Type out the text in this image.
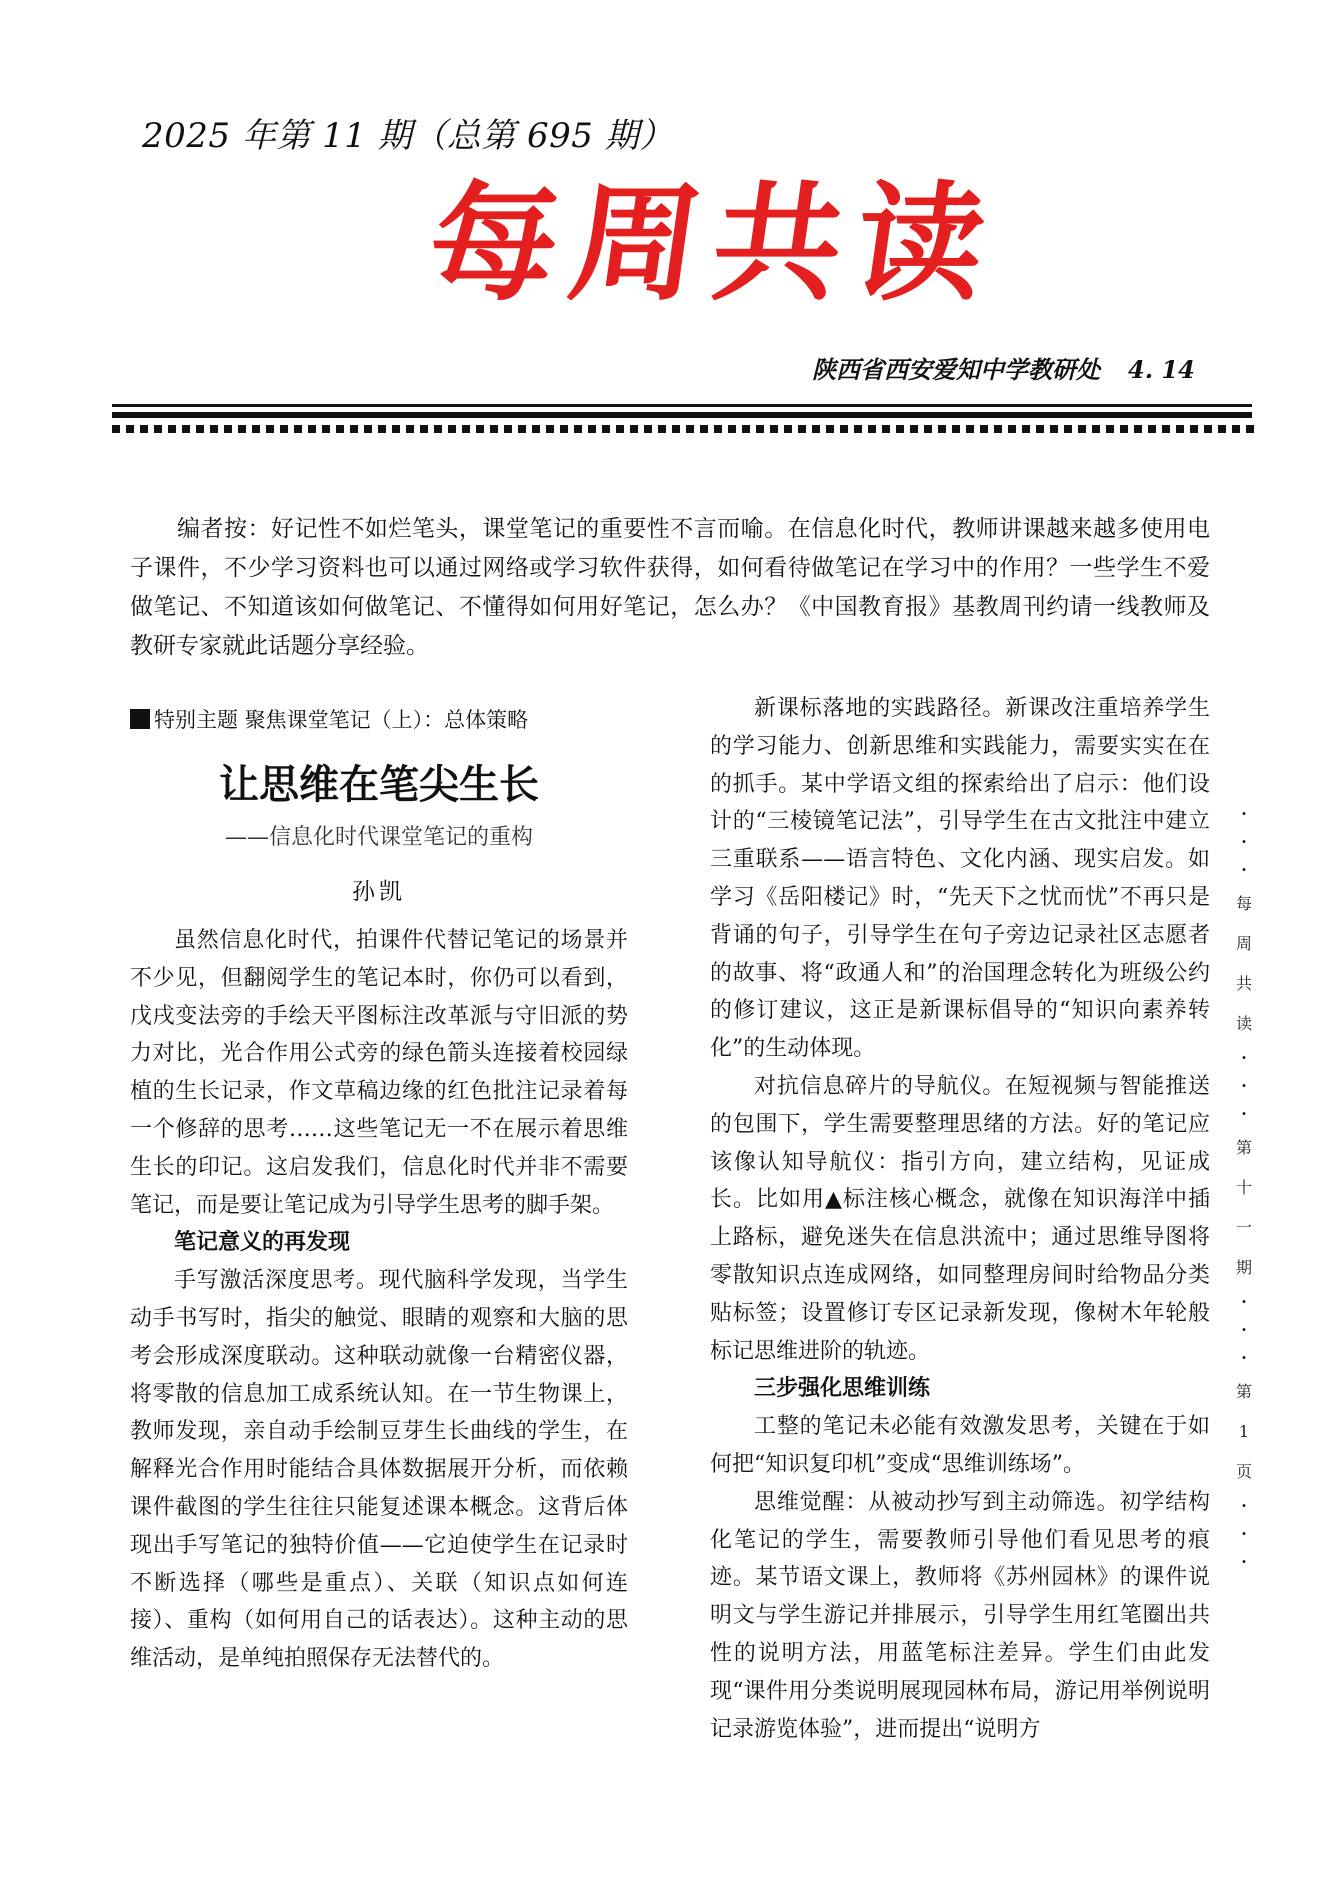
2025 年第 11 期（总第 695 期）
每周共读
陕西省西安爱知中学教研处 4. 14

编者按：好记性不如烂笔头，课堂笔记的重要性不言而喻。在信息化时代，教师讲课越来越多使用电子课件，不少学习资料也可以通过网络或学习软件获得，如何看待做笔记在学习中的作用？一些学生不爱做笔记、不知道该如何做笔记、不懂得如何用好笔记，怎么办？《中国教育报》基教周刊约请一线教师及教研专家就此话题分享经验。

特别主题 聚焦课堂笔记（上）：总体策略

让思维在笔尖生长

——信息化时代课堂笔记的重构

孙凯

虽然信息化时代，拍课件代替记笔记的场景并不少见，但翻阅学生的笔记本时，你仍可以看到，戊戌变法旁的手绘天平图标注改革派与守旧派的势力对比，光合作用公式旁的绿色箭头连接着校园绿植的生长记录，作文草稿边缘的红色批注记录着每一个修辞的思考……这些笔记无一不在展示着思维生长的印记。这启发我们，信息化时代并非不需要笔记，而是要让笔记成为引导学生思考的脚手架。

笔记意义的再发现

手写激活深度思考。现代脑科学发现，当学生动手书写时，指尖的触觉、眼睛的观察和大脑的思考会形成深度联动。这种联动就像一台精密仪器，将零散的信息加工成系统认知。在一节生物课上，教师发现，亲自动手绘制豆芽生长曲线的学生，在解释光合作用时能结合具体数据展开分析，而依赖课件截图的学生往往只能复述课本概念。这背后体现出手写笔记的独特价值——它迫使学生在记录时不断选择（哪些是重点）、关联（知识点如何连接）、重构（如何用自己的话表达）。这种主动的思维活动，是单纯拍照保存无法替代的。

新课标落地的实践路径。新课改注重培养学生的学习能力、创新思维和实践能力，需要实实在在的抓手。某中学语文组的探索给出了启示：他们设计的“三棱镜笔记法”，引导学生在古文批注中建立三重联系——语言特色、文化内涵、现实启发。如学习《岳阳楼记》时，“先天下之忧而忧”不再只是背诵的句子，引导学生在句子旁边记录社区志愿者的故事、将“政通人和”的治国理念转化为班级公约的修订建议，这正是新课标倡导的“知识向素养转化”的生动体现。

对抗信息碎片的导航仪。在短视频与智能推送的包围下，学生需要整理思绪的方法。好的笔记应该像认知导航仪：指引方向，建立结构，见证成长。比如用▲标注核心概念，就像在知识海洋中插上路标，避免迷失在信息洪流中；通过思维导图将零散知识点连成网络，如同整理房间时给物品分类贴标签；设置修订专区记录新发现，像树木年轮般标记思维进阶的轨迹。

三步强化思维训练

工整的笔记未必能有效激发思考，关键在于如何把“知识复印机”变成“思维训练场”。

思维觉醒：从被动抄写到主动筛选。初学结构化笔记的学生，需要教师引导他们看见思考的痕迹。某节语文课上，教师将《苏州园林》的课件说明文与学生游记并排展示，引导学生用红笔圈出共性的说明方法，用蓝笔标注差异。学生们由此发现“课件用分类说明展现园林布局，游记用举例说明记录游览体验”，进而提出“说明方

·
·
·
每
周
共
读
·
·
·
第
十
一
期
·
·
·
第
1
页
·
·
·
